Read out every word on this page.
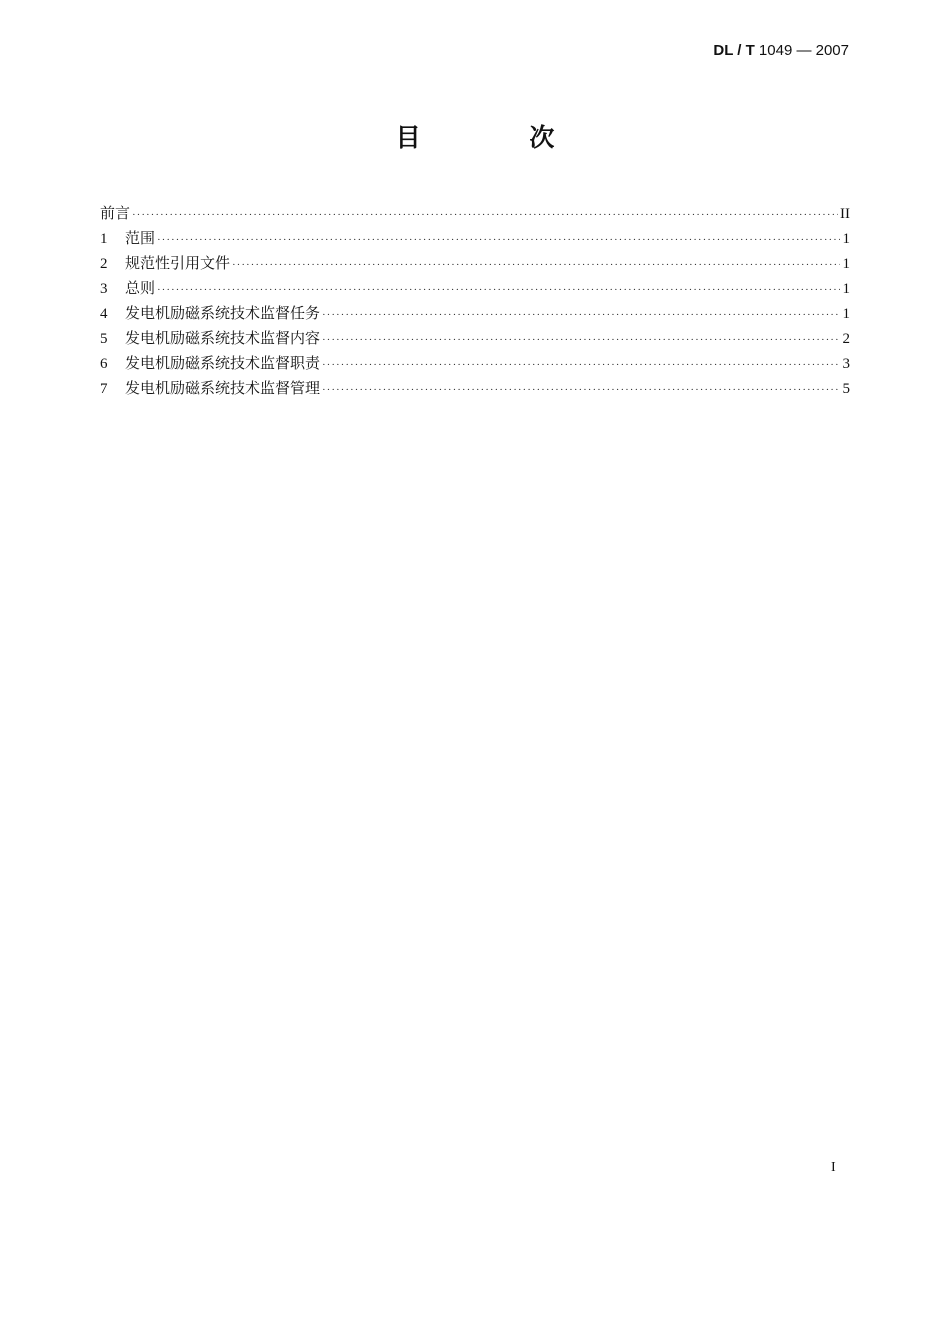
DL / T 1049 — 2007
目 次
前言 ·····	II
1	范围 ·····	1
2	规范性引用文件 ·····	1
3	总则 ·····	1
4	发电机励磁系统技术监督任务 ·····	1
5	发电机励磁系统技术监督内容 ·····	2
6	发电机励磁系统技术监督职责 ·····	3
7	发电机励磁系统技术监督管理 ·····	5
I
